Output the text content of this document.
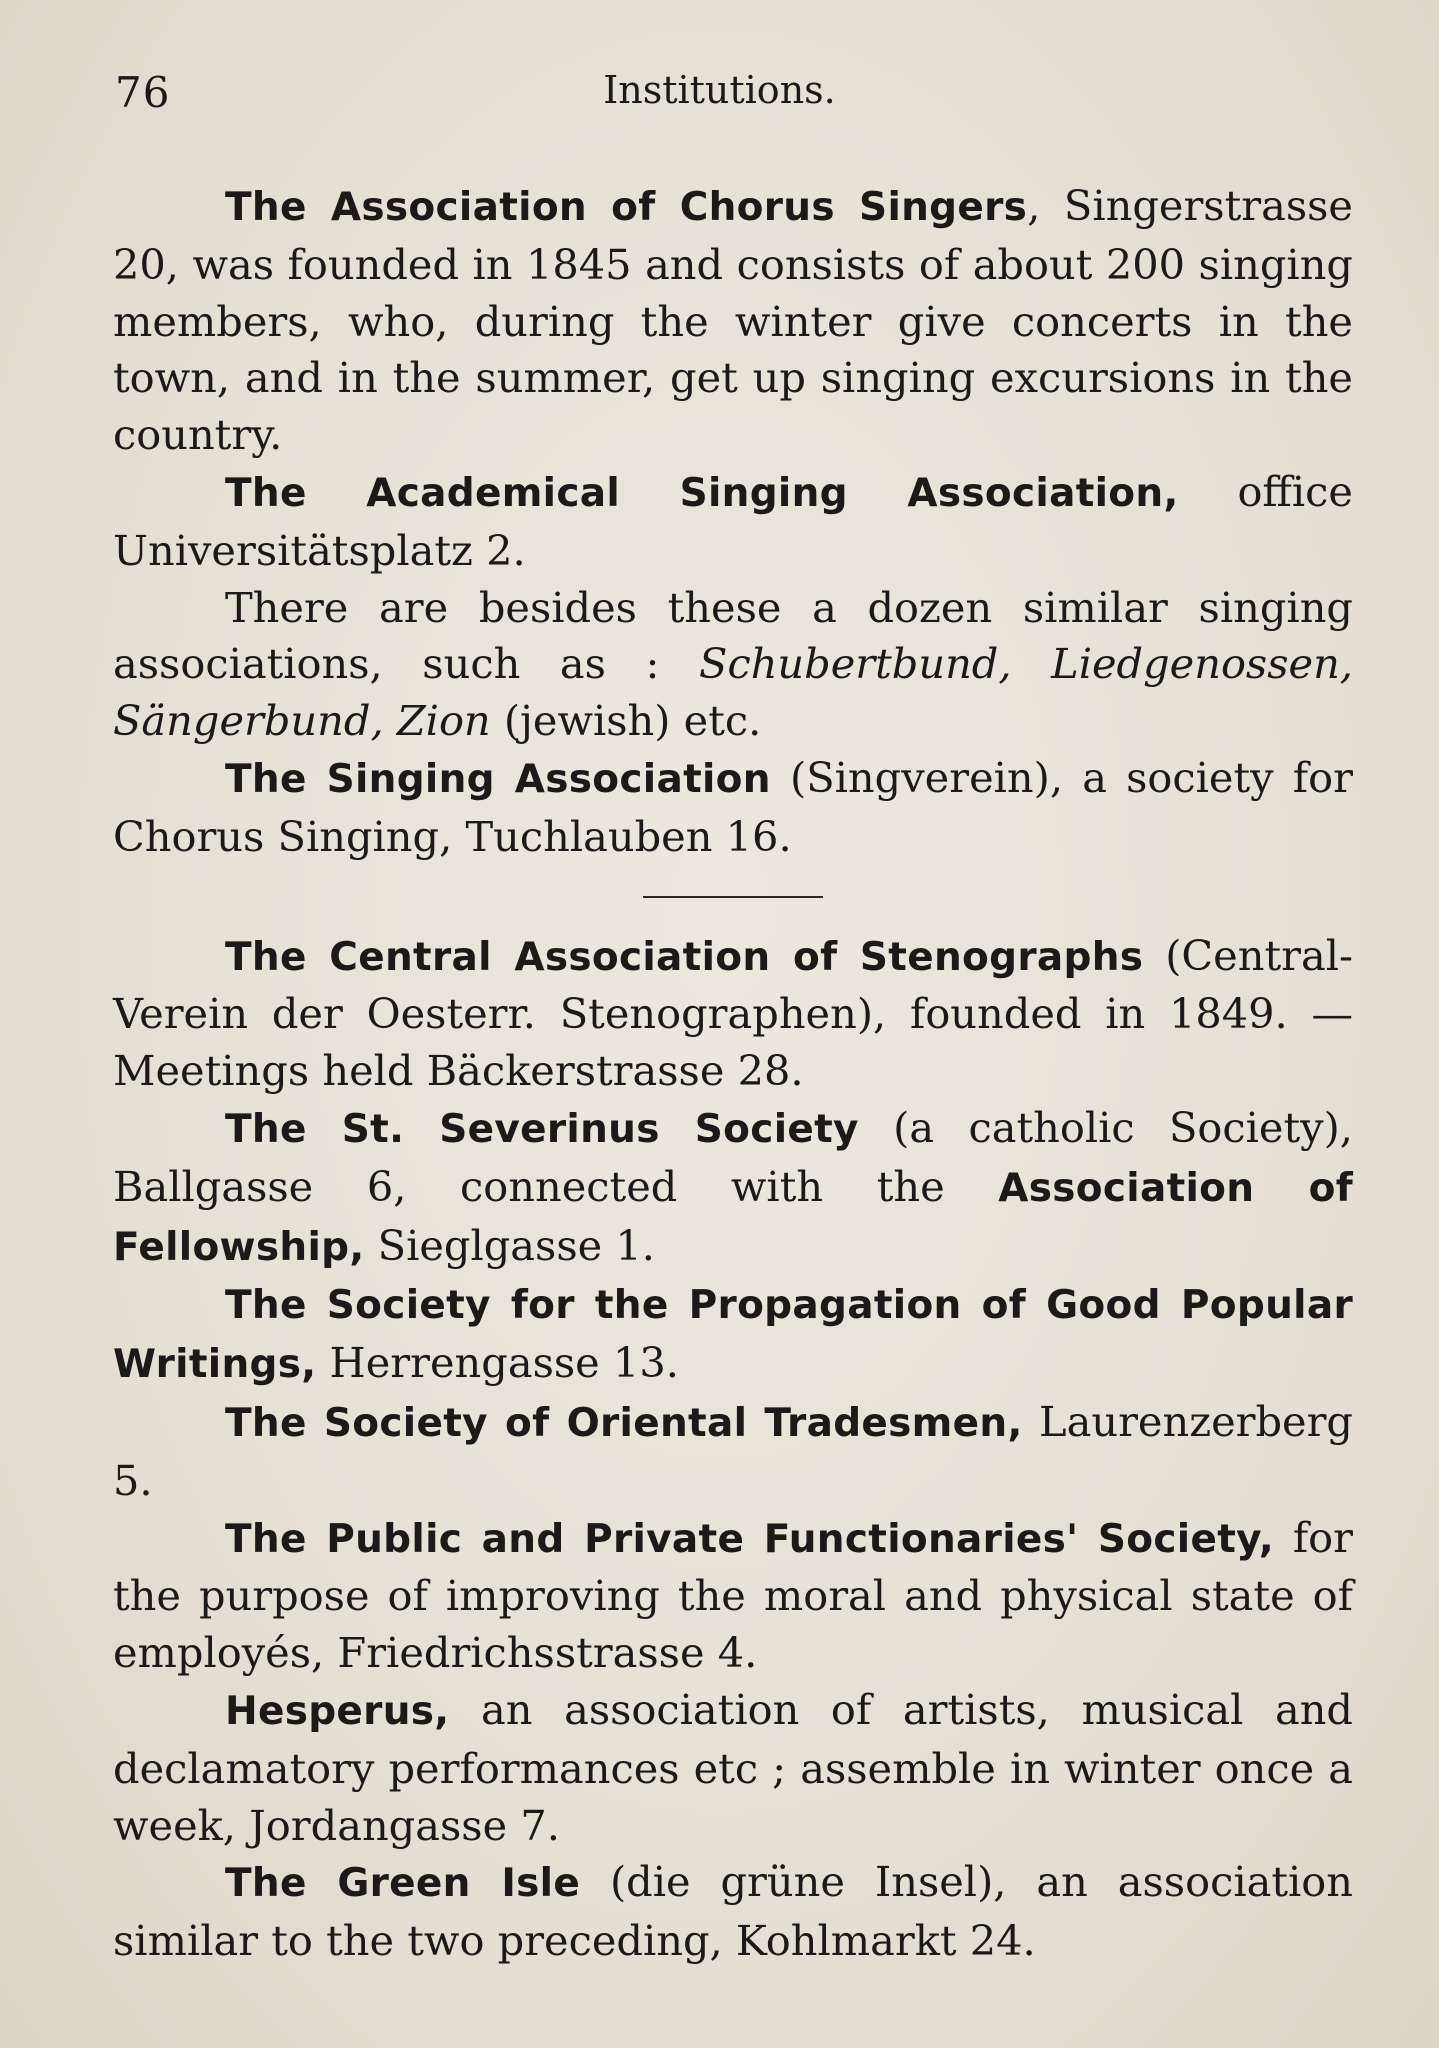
76	Institutions.

The Association of Chorus Singers, Singerstrasse 20, was founded in 1845 and consists of about 200 singing members, who, during the winter give concerts in the town, and in the summer, get up singing excursions in the country.

The Academical Singing Association, office Universitätsplatz 2.

There are besides these a dozen similar singing associations, such as : Schubertbund, Liedgenossen, Sängerbund, Zion (jewish) etc.

The Singing Association (Singverein), a society for Chorus Singing, Tuchlauben 16.

The Central Association of Stenographs (Central-Verein der Oesterr. Stenographen), founded in 1849. — Meetings held Bäckerstrasse 28.

The St. Severinus Society (a catholic Society), Ballgasse 6, connected with the Association of Fellowship, Sieglgasse 1.

The Society for the Propagation of Good Popular Writings, Herrengasse 13.

The Society of Oriental Tradesmen, Laurenzerberg 5.

The Public and Private Functionaries' Society, for the purpose of improving the moral and physical state of employés, Friedrichsstrasse 4.

Hesperus, an association of artists, musical and declamatory performances etc ; assemble in winter once a week, Jordangasse 7.

The Green Isle (die grüne Insel), an association similar to the two preceding, Kohlmarkt 24.
